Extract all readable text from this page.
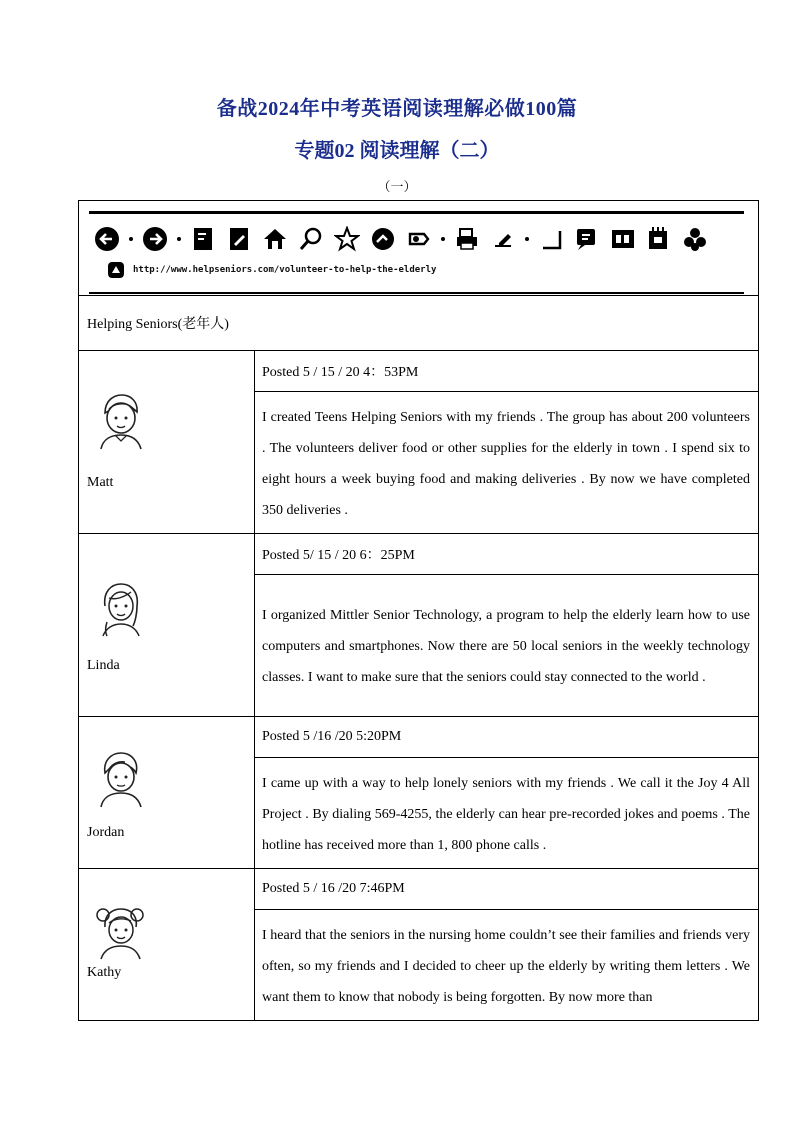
备战2024年中考英语阅读理解必做100篇
专题02 阅读理解（二）
（一）
http://www.helpseniors.com/volunteer-to-help-the-elderly	

Helping Seniors(老年人)	

Matt	Posted 5 / 15 / 20 4：53PM

	I created Teens Helping Seniors with my friends . The group has about 200 volunteers . The volunteers deliver food or other supplies for the elderly in town . I spend six to eight hours a week buying food and making deliveries . By now we have completed 350 deliveries .

Linda	Posted 5/ 15 / 20 6：25PM

	I organized Mittler Senior Technology, a program to help the elderly learn how to use computers and smartphones. Now there are 50 local seniors in the weekly technology classes. I want to make sure that the seniors could stay connected to the world .

Jordan	Posted 5 /16 /20 5:20PM

	I came up with a way to help lonely seniors with my friends . We call it the Joy 4 All Project . By dialing 569-4255, the elderly can hear pre-recorded jokes and poems . The hotline has received more than 1, 800 phone calls .

Kathy	Posted 5 / 16 /20 7:46PM

	I heard that the seniors in the nursing home couldn’t see their families and friends very often, so my friends and I decided to cheer up the elderly by writing them letters . We want them to know that nobody is being forgotten. By now more than
